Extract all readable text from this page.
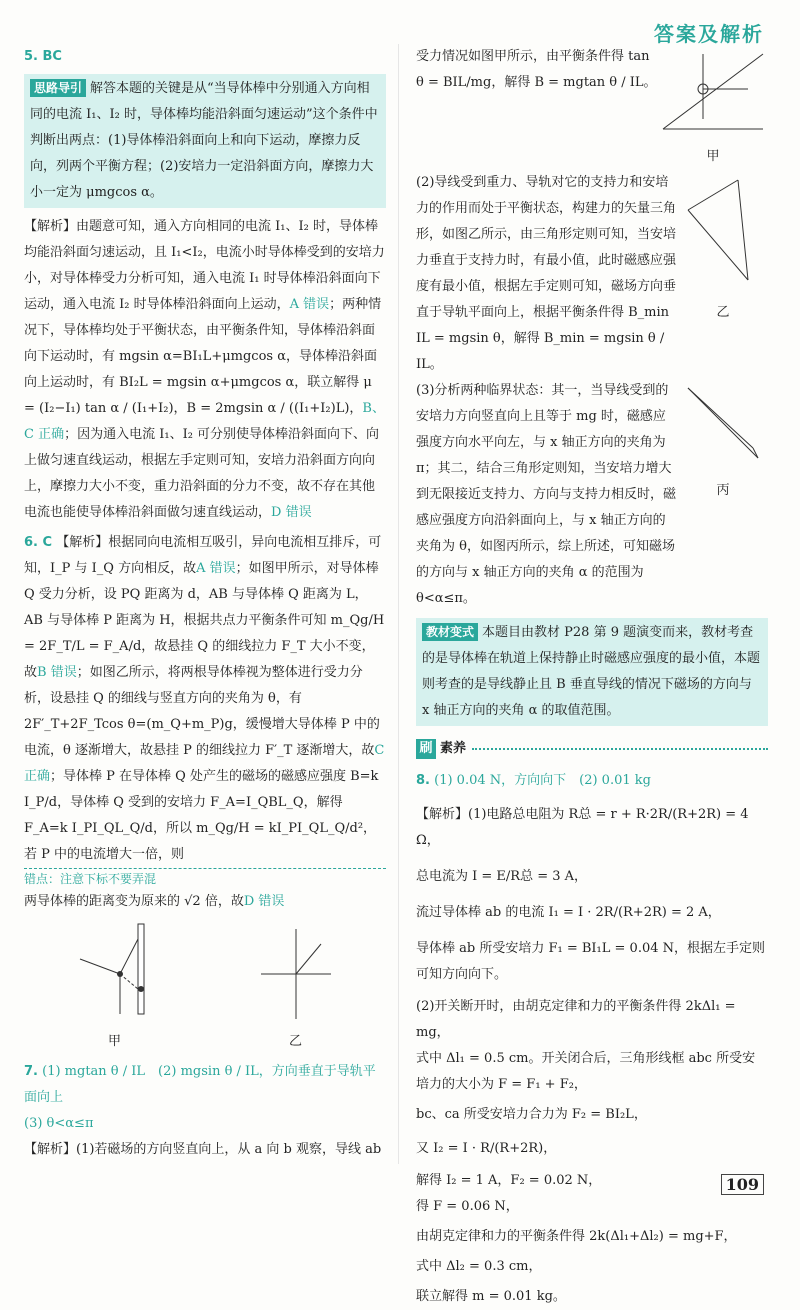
答案及解析

5. BC

思路导引 解答本题的关键是从“当导体棒中分别通入方向相同的电流 I₁、I₂ 时，导体棒均能沿斜面匀速运动”这个条件中判断出两点：(1)导体棒沿斜面向上和向下运动，摩擦力反向，列两个平衡方程；(2)安培力一定沿斜面方向，摩擦力大小一定为 μmgcos α。

【解析】由题意可知，通入方向相同的电流 I₁、I₂ 时，导体棒均能沿斜面匀速运动，且 I₁<I₂，电流小时导体棒受到的安培力小，对导体棒受力分析可知，通入电流 I₁ 时导体棒沿斜面向下运动，通入电流 I₂ 时导体棒沿斜面向上运动，A 错误；两种情况下，导体棒均处于平衡状态，由平衡条件知，导体棒沿斜面向下运动时，有 mgsin α=BI₁L+μmgcos α，导体棒沿斜面向上运动时，有 BI₂L = mgsin α+μmgcos α，联立解得 μ = (I₂−I₁) tan α / (I₁+I₂)，B = 2mgsin α / ((I₁+I₂)L)，B、C 正确；因为通入电流 I₁、I₂ 可分别使导体棒沿斜面向下、向上做匀速直线运动，根据左手定则可知，安培力沿斜面方向向上，摩擦力大小不变，重力沿斜面的分力不变，故不存在其他电流也能使导体棒沿斜面做匀速直线运动，D 错误

6. C 【解析】根据同向电流相互吸引，异向电流相互排斥，可知，I_P 与 I_Q 方向相反，故A 错误；如图甲所示，对导体棒 Q 受力分析，设 PQ 距离为 d，AB 与导体棒 Q 距离为 L，AB 与导体棒 P 距离为 H，根据共点力平衡条件可知 m_Qg/H = 2F_T/L = F_A/d，故悬挂 Q 的细线拉力 F_T 大小不变，故B 错误；如图乙所示，将两根导体棒视为整体进行受力分析，设悬挂 Q 的细线与竖直方向的夹角为 θ，有 2F′_T+2F_Tcos θ=(m_Q+m_P)g，缓慢增大导体棒 P 中的电流，θ 逐渐增大，故悬挂 P 的细线拉力 F′_T 逐渐增大，故C 正确；导体棒 P 在导体棒 Q 处产生的磁场的磁感应强度 B=k I_P/d，导体棒 Q 受到的安培力 F_A=I_QBL_Q，解得 F_A=k I_PI_QL_Q/d，所以 m_Qg/H = kI_PI_QL_Q/d²，若 P 中的电流增大一倍，则

错点：注意下标不要弄混

两导体棒的距离变为原来的 √2 倍，故D 错误

甲	乙

7. (1) mgtan θ / IL　(2) mgsin θ / IL，方向垂直于导轨平面向上

(3) θ<α≤π

【解析】(1)若磁场的方向竖直向上，从 a 向 b 观察，导线 ab

受力情况如图甲所示，由平衡条件得 tan θ = BIL/mg，解得 B = mgtan θ / IL。

甲

(2)导线受到重力、导轨对它的支持力和安培力的作用而处于平衡状态，构建力的矢量三角形，如图乙所示，由三角形定则可知，当安培力垂直于支持力时，有最小值，此时磁感应强度有最小值，根据左手定则可知，磁场方向垂直于导轨平面向上，根据平衡条件得 B_min IL = mgsin θ，解得 B_min = mgsin θ / IL。

乙

(3)分析两种临界状态：其一，当导线受到的安培力方向竖直向上且等于 mg 时，磁感应强度方向水平向左，与 x 轴正方向的夹角为 π；其二，结合三角形定则知，当安培力增大到无限接近支持力、方向与支持力相反时，磁感应强度方向沿斜面向上，与 x 轴正方向的夹角为 θ，如图丙所示，综上所述，可知磁场的方向与 x 轴正方向的夹角 α 的范围为 θ<α≤π。

丙
教材变式 本题目由教材 P28 第 9 题演变而来，教材考查的是导体棒在轨道上保持静止时磁感应强度的最小值，本题则考查的是导线静止且 B 垂直导线的情况下磁场的方向与 x 轴正方向的夹角 α 的取值范围。
刷 素养

8. (1) 0.04 N，方向向下　(2) 0.01 kg

【解析】(1)电路总电阻为 R总 = r + R·2R/(R+2R) = 4 Ω，

总电流为 I = E/R总 = 3 A，

流过导体棒 ab 的电流 I₁ = I · 2R/(R+2R) = 2 A，

导体棒 ab 所受安培力 F₁ = BI₁L = 0.04 N，根据左手定则可知方向向下。

(2)开关断开时，由胡克定律和力的平衡条件得 2kΔl₁ = mg，

式中 Δl₁ = 0.5 cm。开关闭合后，三角形线框 abc 所受安培力的大小为 F = F₁ + F₂，

bc、ca 所受安培力合力为 F₂ = BI₂L，

又 I₂ = I · R/(R+2R)，

解得 I₂ = 1 A，F₂ = 0.02 N，

得 F = 0.06 N，

由胡克定律和力的平衡条件得 2k(Δl₁+Δl₂) = mg+F，

式中 Δl₂ = 0.3 cm，

联立解得 m = 0.01 kg。

109
